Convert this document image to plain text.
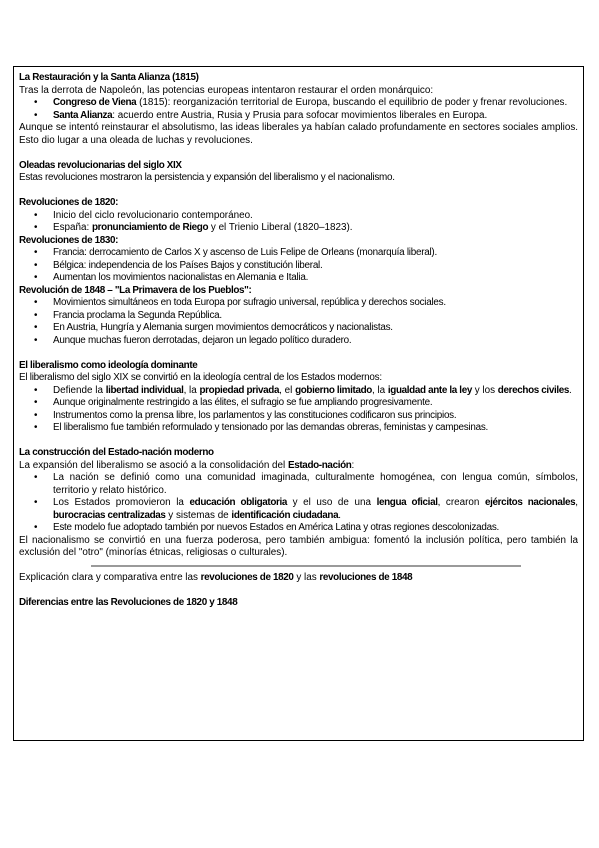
La Restauración y la Santa Alianza (1815)

Tras la derrota de Napoleón, las potencias europeas intentaron restaurar el orden monárquico:

• Congreso de Viena (1815): reorganización territorial de Europa, buscando el equilibrio de poder y frenar revoluciones.
• Santa Alianza: acuerdo entre Austria, Rusia y Prusia para sofocar movimientos liberales en Europa.

Aunque se intentó reinstaurar el absolutismo, las ideas liberales ya habían calado profundamente en sectores sociales amplios. Esto dio lugar a una oleada de luchas y revoluciones.

Oleadas revolucionarias del siglo XIX

Estas revoluciones mostraron la persistencia y expansión del liberalismo y el nacionalismo.

Revoluciones de 1820:

• Inicio del ciclo revolucionario contemporáneo.
• España: pronunciamiento de Riego y el Trienio Liberal (1820–1823).

Revoluciones de 1830:

• Francia: derrocamiento de Carlos X y ascenso de Luis Felipe de Orleans (monarquía liberal).
• Bélgica: independencia de los Países Bajos y constitución liberal.
• Aumentan los movimientos nacionalistas en Alemania e Italia.

Revolución de 1848 – "La Primavera de los Pueblos":

• Movimientos simultáneos en toda Europa por sufragio universal, república y derechos sociales.
• Francia proclama la Segunda República.
• En Austria, Hungría y Alemania surgen movimientos democráticos y nacionalistas.
• Aunque muchas fueron derrotadas, dejaron un legado político duradero.

El liberalismo como ideología dominante

El liberalismo del siglo XIX se convirtió en la ideología central de los Estados modernos:

• Defiende la libertad individual, la propiedad privada, el gobierno limitado, la igualdad ante la ley y los derechos civiles.
• Aunque originalmente restringido a las élites, el sufragio se fue ampliando progresivamente.
• Instrumentos como la prensa libre, los parlamentos y las constituciones codificaron sus principios.
• El liberalismo fue también reformulado y tensionado por las demandas obreras, feministas y campesinas.

La construcción del Estado-nación moderno

La expansión del liberalismo se asoció a la consolidación del Estado-nación:

• La nación se definió como una comunidad imaginada, culturalmente homogénea, con lengua común, símbolos, territorio y relato histórico.
• Los Estados promovieron la educación obligatoria y el uso de una lengua oficial, crearon ejércitos nacionales, burocracias centralizadas y sistemas de identificación ciudadana.
• Este modelo fue adoptado también por nuevos Estados en América Latina y otras regiones descolonizadas.

El nacionalismo se convirtió en una fuerza poderosa, pero también ambigua: fomentó la inclusión política, pero también la exclusión del "otro" (minorías étnicas, religiosas o culturales).

Explicación clara y comparativa entre las revoluciones de 1820 y las revoluciones de 1848

Diferencias entre las Revoluciones de 1820 y 1848
